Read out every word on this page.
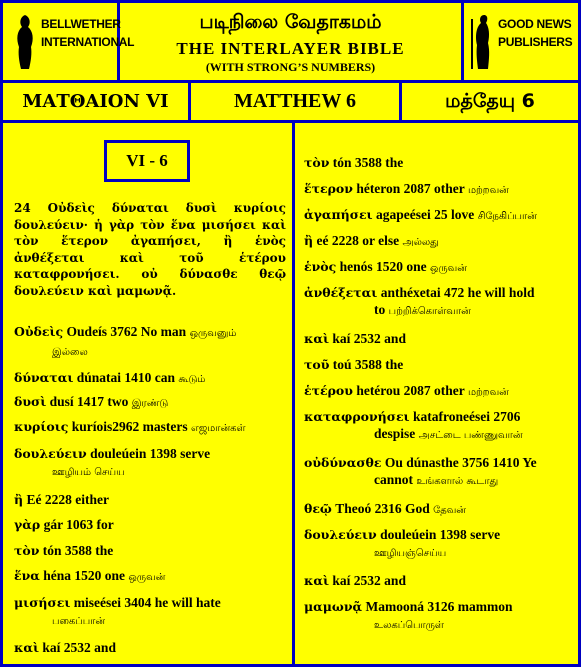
BELLWETHER
INTERNATIONAL
படிநிலை வேதாகமம்
THE INTERLAYER BIBLE
(WITH STRONG’S NUMBERS)
GOOD NEWS
PUBLISHERS
ΜΑΤΘΑΙΟΝ VI	MATTHEW 6	மத்தேயு 6
VI - 6
24 Οὐδεὶς δύναται δυσὶ κυρίοις δουλεύειν· ἡ γὰρ τὸν ἕνα μισήσει καὶ τὸν ἕτερον ἀγαπήσει, ἢ ἑνὸς ἀνθέξεται καὶ τοῦ ἑτέρου καταφρονήσει. οὐ δύνασθε θεῷ δουλεύειν καὶ μαμωνᾷ.
Οὐδεὶς Oudeís 3762 No man ஒருவனும்
இல்லை
δύναται dúnatai 1410 can கூடும்
δυσὶ dusí 1417 two இரண்டு
κυρίοις kuríois2962 masters எஜமான்கள்
δουλεύειν douleúein 1398 serve
ஊழியம் செய்ய
ἢ Eé 2228 either
γὰρ gár 1063 for
τὸν tón 3588 the
ἕνα héna 1520 one ஒருவன்
μισήσει miseései 3404 he will hate
பகைப்பான்
καὶ kaí 2532 and
τὸν tón 3588 the
ἕτερον héteron 2087 other மற்றவன்
ἀγαπήσει agapeései 25 love சிநேகிப்பான்
ἢ eé 2228 or else அல்லது
ἑνὸς henós 1520 one ஒருவன்
ἀνθέξεται anthéxetai 472 he will hold
to பற்றிக்கொள்வான்
καὶ kaí 2532 and
τοῦ toú 3588 the
ἑτέρου hetérou 2087 other மற்றவன்
καταφρονήσει katafroneései 2706
despise அசட்டை பண்ணுவான்
οὐδύνασθε Ou dúnasthe 3756 1410 Ye
cannot உங்களால் கூடாது
θεῷ Theoó 2316 God தேவன்
δουλεύειν douleúein 1398 serve
ஊழியஞ்செய்ய
καὶ kaí 2532 and
μαμωνᾷ Mamooná 3126 mammon
உலகப்பொருள்
